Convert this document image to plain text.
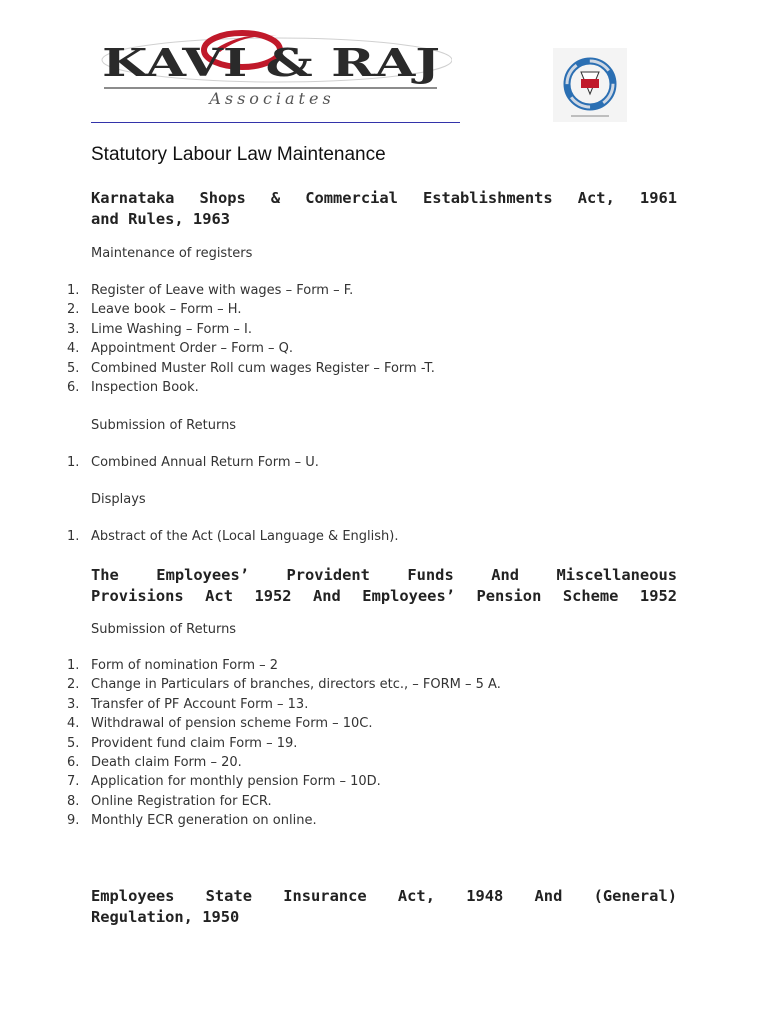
KAVI & RAJ
Associates
Statutory Labour Law Maintenance
Karnataka Shops & Commercial Establishments Act, 1961
and Rules, 1963
Maintenance of registers
1. Register of Leave with wages – Form – F.
2. Leave book – Form – H.
3. Lime Washing – Form – I.
4. Appointment Order – Form – Q.
5. Combined Muster Roll cum wages Register – Form -T.
6. Inspection Book.
Submission of Returns
1. Combined Annual Return Form – U.
Displays
1. Abstract of the Act (Local Language & English).
The Employees’ Provident Funds And Miscellaneous
Provisions Act 1952 And Employees’ Pension Scheme 1952
Submission of Returns
1. Form of nomination Form – 2
2. Change in Particulars of branches, directors etc., – FORM – 5 A.
3. Transfer of PF Account Form – 13.
4. Withdrawal of pension scheme Form – 10C.
5. Provident fund claim Form – 19.
6. Death claim Form – 20.
7. Application for monthly pension Form – 10D.
8. Online Registration for ECR.
9. Monthly ECR generation on online.
Employees State Insurance Act, 1948 And (General)
Regulation, 1950
